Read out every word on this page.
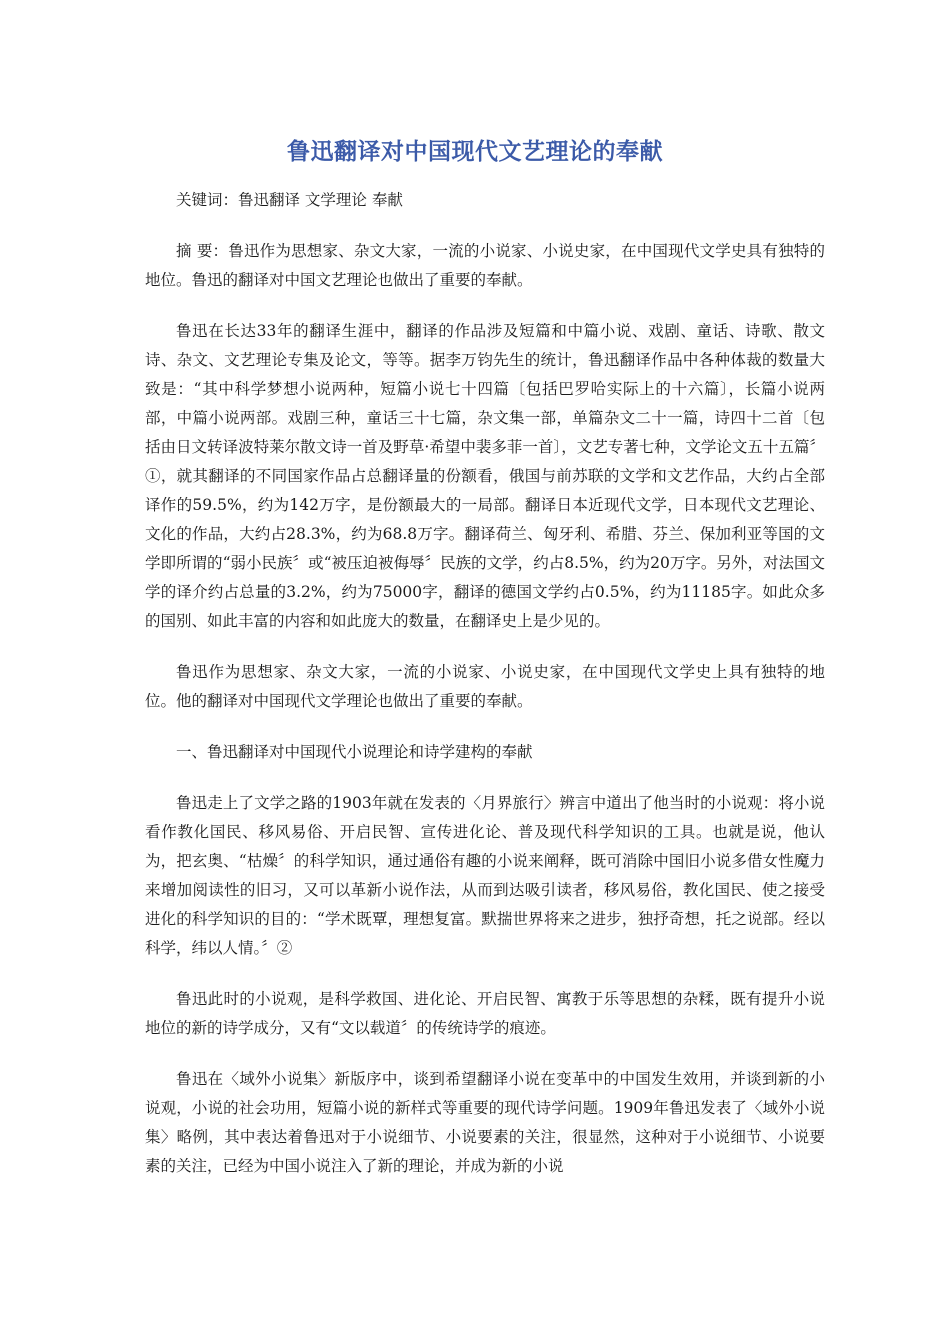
鲁迅翻译对中国现代文艺理论的奉献

关键词：鲁迅翻译 文学理论 奉献

摘 要：鲁迅作为思想家、杂文大家，一流的小说家、小说史家，在中国现代文学史具有独特的地位。鲁迅的翻译对中国文艺理论也做出了重要的奉献。

鲁迅在长达33年的翻译生涯中，翻译的作品涉及短篇和中篇小说、戏剧、童话、诗歌、散文诗、杂文、文艺理论专集及论文，等等。据李万钧先生的统计，鲁迅翻译作品中各种体裁的数量大致是：“其中科学梦想小说两种，短篇小说七十四篇〔包括巴罗哈实际上的十六篇〕，长篇小说两部，中篇小说两部。戏剧三种，童话三十七篇，杂文集一部，单篇杂文二十一篇，诗四十二首〔包括由日文转译波特莱尔散文诗一首及野草·希望中裴多菲一首〕，文艺专著七种，文学论文五十五篇〞①，就其翻译的不同国家作品占总翻译量的份额看，俄国与前苏联的文学和文艺作品，大约占全部译作的59.5%，约为142万字，是份额最大的一局部。翻译日本近现代文学，日本现代文艺理论、文化的作品，大约占28.3%，约为68.8万字。翻译荷兰、匈牙利、希腊、芬兰、保加利亚等国的文学即所谓的“弱小民族〞或“被压迫被侮辱〞民族的文学，约占8.5%，约为20万字。另外，对法国文学的译介约占总量的3.2%，约为75000字，翻译的德国文学约占0.5%，约为11185字。如此众多的国别、如此丰富的内容和如此庞大的数量，在翻译史上是少见的。

鲁迅作为思想家、杂文大家，一流的小说家、小说史家，在中国现代文学史上具有独特的地位。他的翻译对中国现代文学理论也做出了重要的奉献。

一、鲁迅翻译对中国现代小说理论和诗学建构的奉献

鲁迅走上了文学之路的1903年就在发表的〈月界旅行〉辨言中道出了他当时的小说观：将小说看作教化国民、移风易俗、开启民智、宣传进化论、普及现代科学知识的工具。也就是说，他认为，把玄奥、“枯燥〞的科学知识，通过通俗有趣的小说来阐释，既可消除中国旧小说多借女性魔力来增加阅读性的旧习，又可以革新小说作法，从而到达吸引读者，移风易俗，教化国民、使之接受进化的科学知识的目的：“学术既覃，理想复富。默揣世界将来之进步，独抒奇想，托之说部。经以科学，纬以人情。〞②

鲁迅此时的小说观，是科学救国、进化论、开启民智、寓教于乐等思想的杂糅，既有提升小说地位的新的诗学成分，又有“文以载道〞的传统诗学的痕迹。

鲁迅在〈域外小说集〉新版序中，谈到希望翻译小说在变革中的中国发生效用，并谈到新的小说观，小说的社会功用，短篇小说的新样式等重要的现代诗学问题。1909年鲁迅发表了〈域外小说集〉略例，其中表达着鲁迅对于小说细节、小说要素的关注，很显然，这种对于小说细节、小说要素的关注，已经为中国小说注入了新的理论，并成为新的小说
